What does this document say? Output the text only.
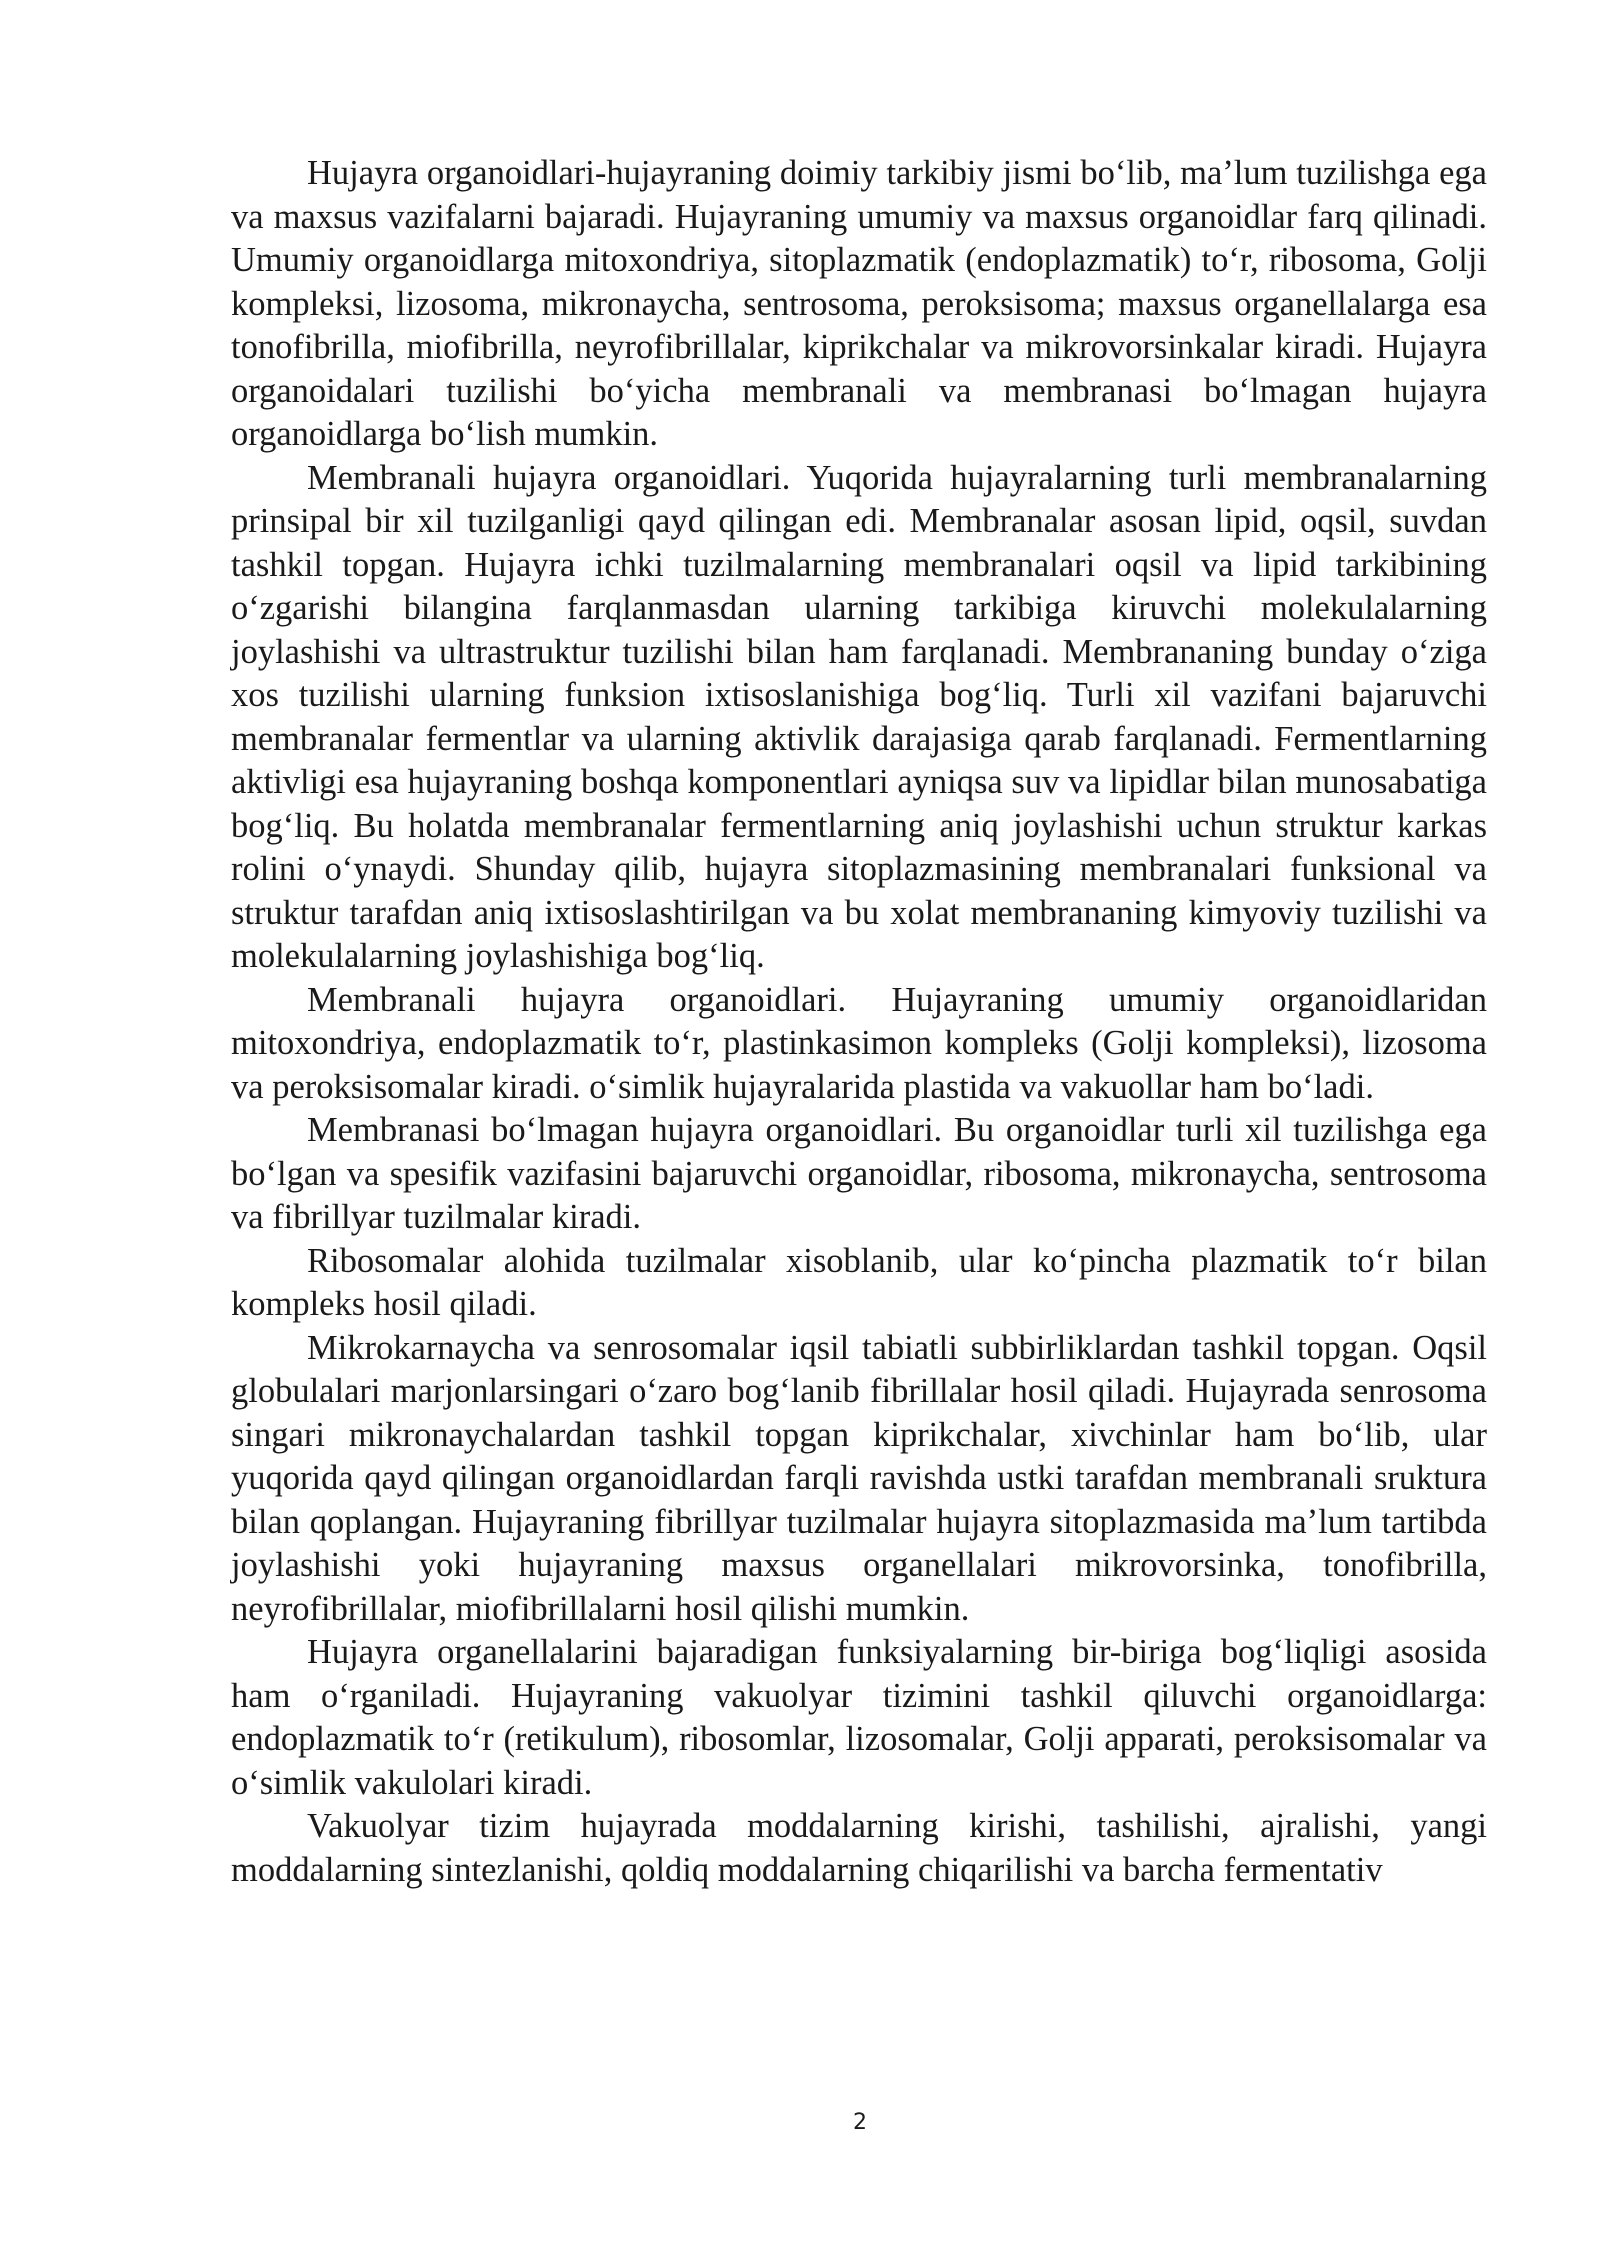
Hujayra organoidlari-hujayraning doimiy tarkibiy jismi boʻlib, maʼlum tuzilishga ega va maxsus vazifalarni bajaradi. Hujayraning umumiy va maxsus organoidlar farq qilinadi. Umumiy organoidlarga mitoxondriya, sitoplazmatik (endoplazmatik) toʻr, ribosoma, Golji kompleksi, lizosoma, mikronaycha, sentrosoma, peroksisoma; maxsus organellalarga esa tonofibrilla, miofibrilla, neyrofibrillalar, kiprikchalar va mikrovorsinkalar kiradi. Hujayra organoidalari tuzilishi boʻyicha membranali va membranasi boʻlmagan hujayra organoidlarga boʻlish mumkin.

Membranali hujayra organoidlari. Yuqorida hujayralarning turli membranalarning prinsipal bir xil tuzilganligi qayd qilingan edi. Membranalar asosan lipid, oqsil, suvdan tashkil topgan. Hujayra ichki tuzilmalarning membranalari oqsil va lipid tarkibining oʻzgarishi bilangina farqlanmasdan ularning tarkibiga kiruvchi molekulalarning joylashishi va ultrastruktur tuzilishi bilan ham farqlanadi. Membrananing bunday oʻziga xos tuzilishi ularning funksion ixtisoslanishiga bogʻliq. Turli xil vazifani bajaruvchi membranalar fermentlar va ularning aktivlik darajasiga qarab farqlanadi. Fermentlarning aktivligi esa hujayraning boshqa komponentlari ayniqsa suv va lipidlar bilan munosabatiga bogʻliq. Bu holatda membranalar fermentlarning aniq joylashishi uchun struktur karkas rolini oʻynaydi. Shunday qilib, hujayra sitoplazmasining membranalari funksional va struktur tarafdan aniq ixtisoslashtirilgan va bu xolat membrananing kimyoviy tuzilishi va molekulalarning joylashishiga bogʻliq.

Membranali hujayra organoidlari. Hujayraning umumiy organoidlaridan mitoxondriya, endoplazmatik toʻr, plastinkasimon kompleks (Golji kompleksi), lizosoma va peroksisomalar kiradi. oʻsimlik hujayralarida plastida va vakuollar ham boʻladi.

Membranasi boʻlmagan hujayra organoidlari. Bu organoidlar turli xil tuzilishga ega boʻlgan va spesifik vazifasini bajaruvchi organoidlar, ribosoma, mikronaycha, sentrosoma va fibrillyar tuzilmalar kiradi.

Ribosomalar alohida tuzilmalar xisoblanib, ular koʻpincha plazmatik toʻr bilan kompleks hosil qiladi.

Mikrokarnaycha va senrosomalar iqsil tabiatli subbirliklardan tashkil topgan. Oqsil globulalari marjonlarsingari oʻzaro bogʻlanib fibrillalar hosil qiladi. Hujayrada senrosoma singari mikronaychalardan tashkil topgan kiprikchalar, xivchinlar ham boʻlib, ular yuqorida qayd qilingan organoidlardan farqli ravishda ustki tarafdan membranali sruktura bilan qoplangan. Hujayraning fibrillyar tuzilmalar hujayra sitoplazmasida maʼlum tartibda joylashishi yoki hujayraning maxsus organellalari mikrovorsinka, tonofibrilla, neyrofibrillalar, miofibrillalarni hosil qilishi mumkin.

Hujayra organellalarini bajaradigan funksiyalarning bir-biriga bogʻliqligi asosida ham oʻrganiladi. Hujayraning vakuolyar tizimini tashkil qiluvchi organoidlarga: endoplazmatik toʻr (retikulum), ribosomlar, lizosomalar, Golji apparati, peroksisomalar va oʻsimlik vakulolari kiradi.

Vakuolyar tizim hujayrada moddalarning kirishi, tashilishi, ajralishi, yangi moddalarning sintezlanishi, qoldiq moddalarning chiqarilishi va barcha fermentativ

2
